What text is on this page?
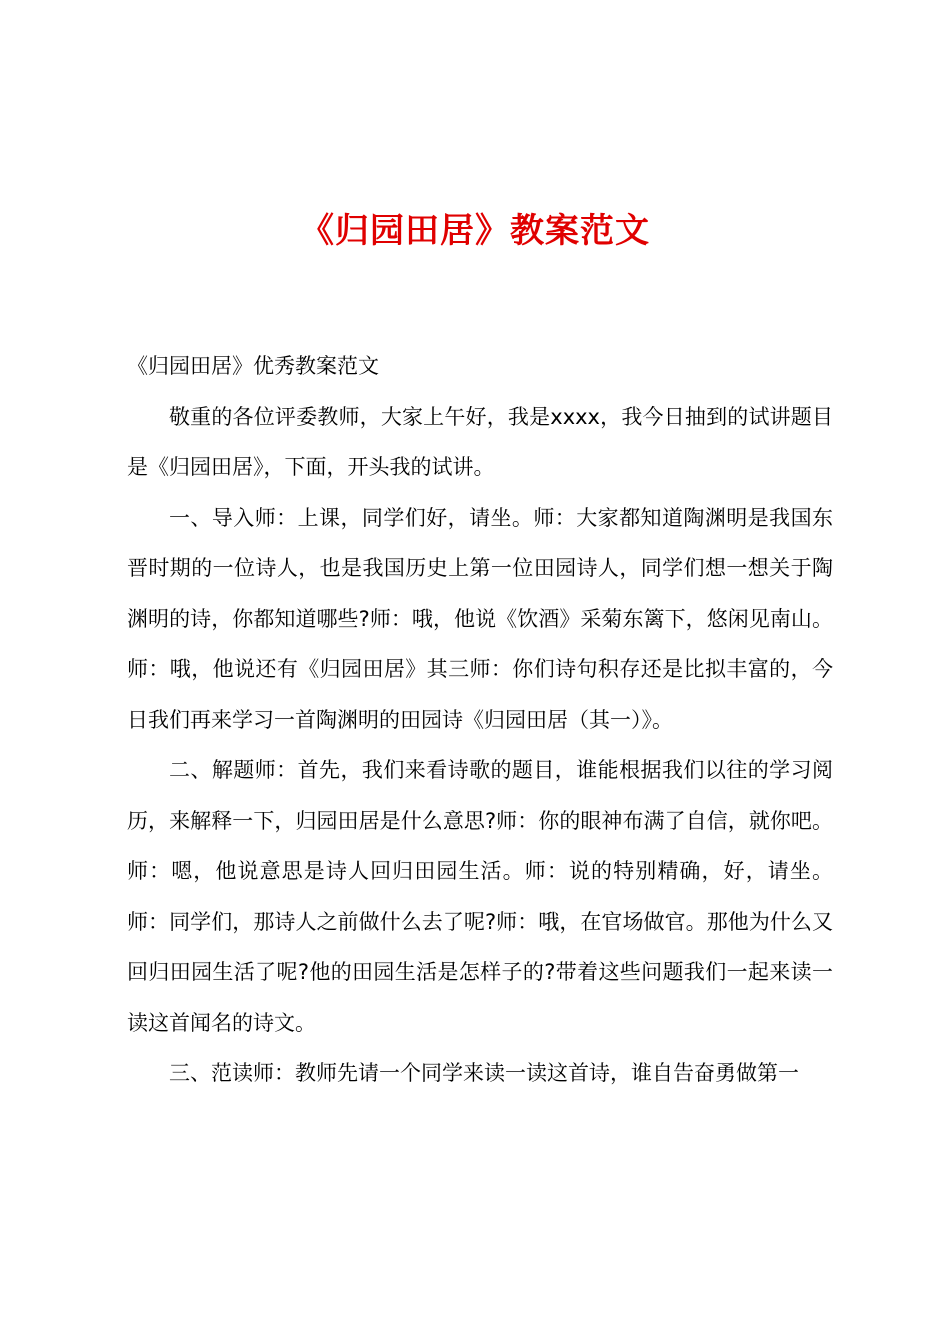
《归园田居》教案范文

《归园田居》优秀教案范文

敬重的各位评委教师，大家上午好，我是xxxx，我今日抽到的试讲题目是《归园田居》，下面，开头我的试讲。

一、导入师：上课，同学们好，请坐。师：大家都知道陶渊明是我国东晋时期的一位诗人，也是我国历史上第一位田园诗人，同学们想一想关于陶渊明的诗，你都知道哪些?师：哦，他说《饮酒》采菊东篱下，悠闲见南山。师：哦，他说还有《归园田居》其三师：你们诗句积存还是比拟丰富的，今日我们再来学习一首陶渊明的田园诗《归园田居（其一）》。

二、解题师：首先，我们来看诗歌的题目，谁能根据我们以往的学习阅历，来解释一下，归园田居是什么意思?师：你的眼神布满了自信，就你吧。师：嗯，他说意思是诗人回归田园生活。师：说的特别精确，好，请坐。师：同学们，那诗人之前做什么去了呢?师：哦，在官场做官。那他为什么又回归田园生活了呢?他的田园生活是怎样子的?带着这些问题我们一起来读一读这首闻名的诗文。

三、范读师：教师先请一个同学来读一读这首诗，谁自告奋勇做第一
